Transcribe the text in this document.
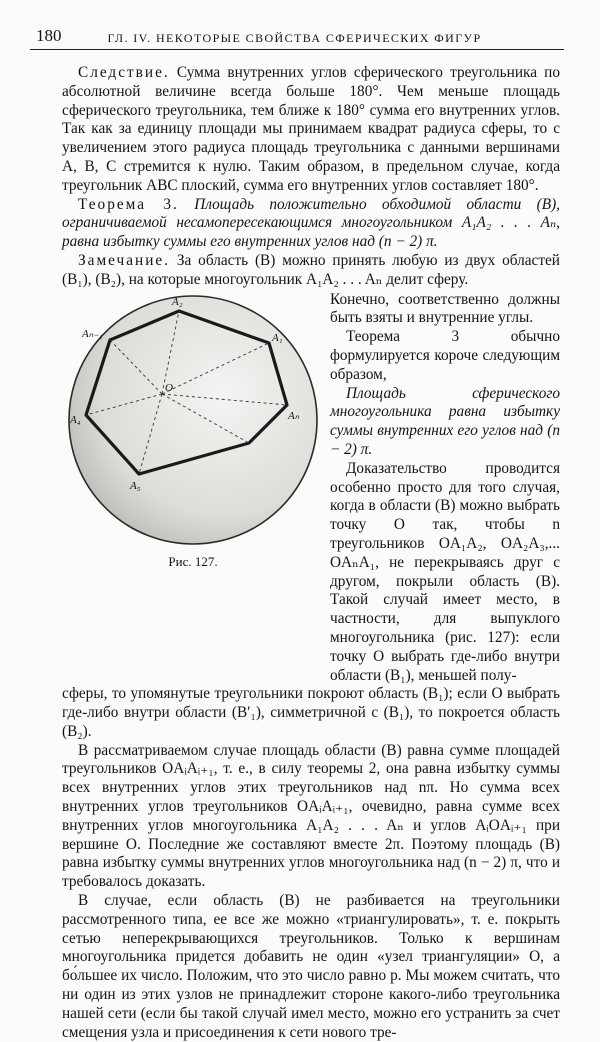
180	ГЛ. IV. НЕКОТОРЫЕ СВОЙСТВА СФЕРИЧЕСКИХ ФИГУР

Следствие. Сумма внутренних углов сферического треугольника по абсолютной величине всегда больше 180°. Чем меньше площадь сферического треугольника, тем ближе к 180° сумма его внутренних углов. Так как за единицу площади мы принимаем квадрат радиуса сферы, то с увеличением этого радиуса площадь треугольника с данными вершинами A, B, C стремится к нулю. Таким образом, в предельном случае, когда треугольник ABC плоский, сумма его внутренних углов составляет 180°.

Теорема 3. Площадь положительно обходимой области (B), ограничиваемой несамопересекающимся многоугольником A₁A₂ . . . Aₙ, равна избытку суммы его внутренних углов над (n − 2) π.

Замечание. За область (B) можно принять любую из двух областей (B₁), (B₂), на которые многоугольник A₁A₂ . . . Aₙ делит сферу.

A₂
A₁
Aₙ₋₁
O
Aₙ
A₄
A₅
Рис. 127.

Конечно, соответственно должны быть взяты и внутренние углы.

Теорема 3 обычно формулируется короче следующим образом,

Площадь сферического многоугольника равна избытку суммы внутренних его углов над (n − 2) π.

Доказательство проводится особенно просто для того случая, когда в области (B) можно выбрать точку O так, чтобы n треугольников OA₁A₂, OA₂A₃,... OAₙA₁, не перекрываясь друг с другом, покрыли область (B). Такой случай имеет место, в частности, для выпуклого многоугольника (рис. 127): если точку O выбрать где-либо внутри области (B₁), меньшей полу-

сферы, то упомянутые треугольники покроют область (B₁); если O выбрать где-либо внутри области (B′₁), симметричной с (B₁), то покроется область (B₂).

В рассматриваемом случае площадь области (B) равна сумме площадей треугольников OAᵢAᵢ₊₁, т. е., в силу теоремы 2, она равна избытку суммы всех внутренних углов этих треугольников над nπ. Но сумма всех внутренних углов треугольников OAᵢAᵢ₊₁, очевидно, равна сумме всех внутренних углов многоугольника A₁A₂ . . . Aₙ и углов AᵢOAᵢ₊₁ при вершине O. Последние же составляют вместе 2π. Поэтому площадь (B) равна избытку суммы внутренних углов многоугольника над (n − 2) π, что и требовалось доказать.

В случае, если область (B) не разбивается на треугольники рассмотренного типа, ее все же можно «триангулировать», т. е. покрыть сетью неперекрывающихся треугольников. Только к вершинам многоугольника придется добавить не один «узел триангуляции» O, а бо́льшее их число. Положим, что это число равно p. Мы можем считать, что ни один из этих узлов не принадлежит стороне какого-либо треугольника нашей сети (если бы такой случай имел место, можно его устранить за счет смещения узла и присоединения к сети нового тре-
